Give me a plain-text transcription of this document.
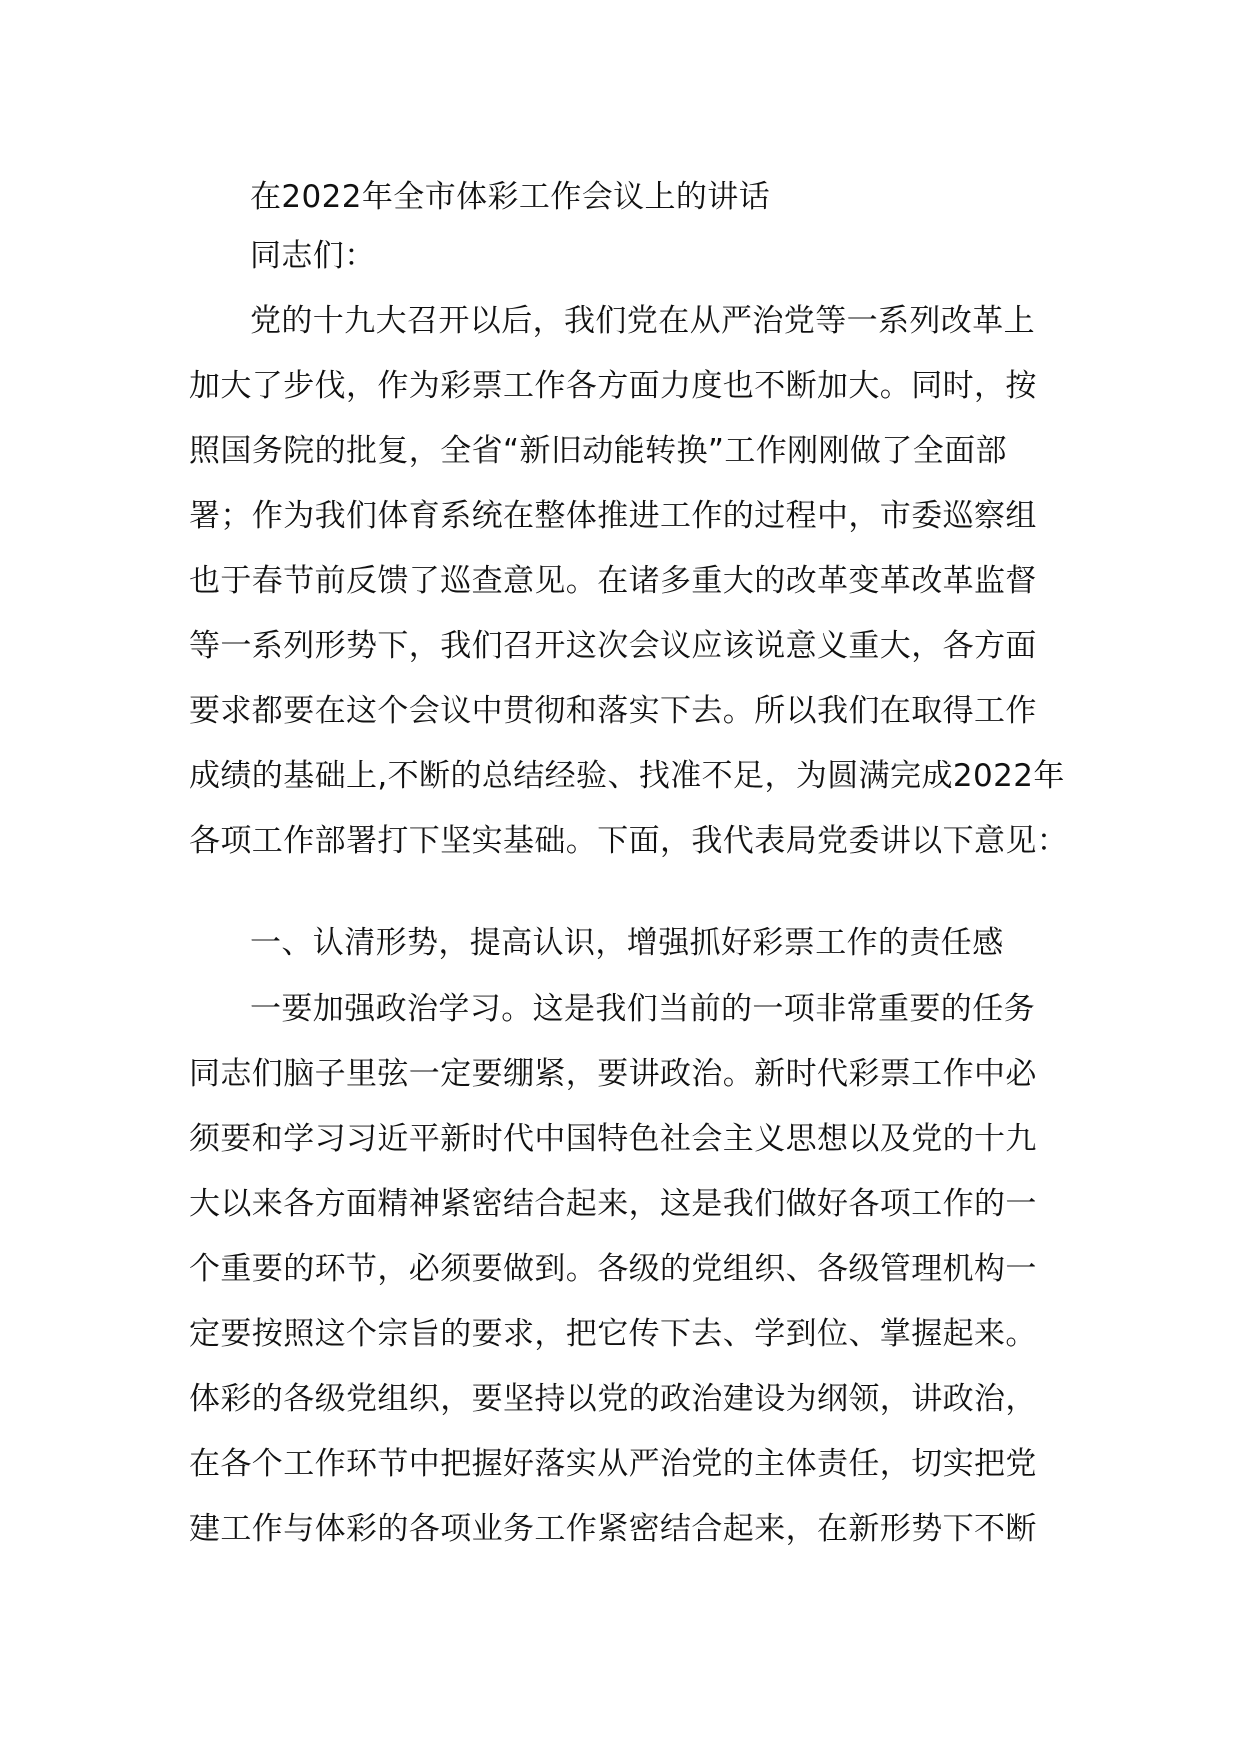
在2022年全市体彩工作会议上的讲话
同志们：
党的十九大召开以后，我们党在从严治党等一系列改革上
加大了步伐，作为彩票工作各方面力度也不断加大。同时，按
照国务院的批复，全省“新旧动能转换”工作刚刚做了全面部
署；作为我们体育系统在整体推进工作的过程中，市委巡察组
也于春节前反馈了巡查意见。在诸多重大的改革变革改革监督
等一系列形势下，我们召开这次会议应该说意义重大，各方面
要求都要在这个会议中贯彻和落实下去。所以我们在取得工作
成绩的基础上,不断的总结经验、找准不足，为圆满完成2022年
各项工作部署打下坚实基础。下面，我代表局党委讲以下意见：
一、认清形势，提高认识，增强抓好彩票工作的责任感
一要加强政治学习。这是我们当前的一项非常重要的任务
同志们脑子里弦一定要绷紧，要讲政治。新时代彩票工作中必
须要和学习习近平新时代中国特色社会主义思想以及党的十九
大以来各方面精神紧密结合起来，这是我们做好各项工作的一
个重要的环节，必须要做到。各级的党组织、各级管理机构一
定要按照这个宗旨的要求，把它传下去、学到位、掌握起来。
体彩的各级党组织，要坚持以党的政治建设为纲领，讲政治，
在各个工作环节中把握好落实从严治党的主体责任，切实把党
建工作与体彩的各项业务工作紧密结合起来，在新形势下不断
